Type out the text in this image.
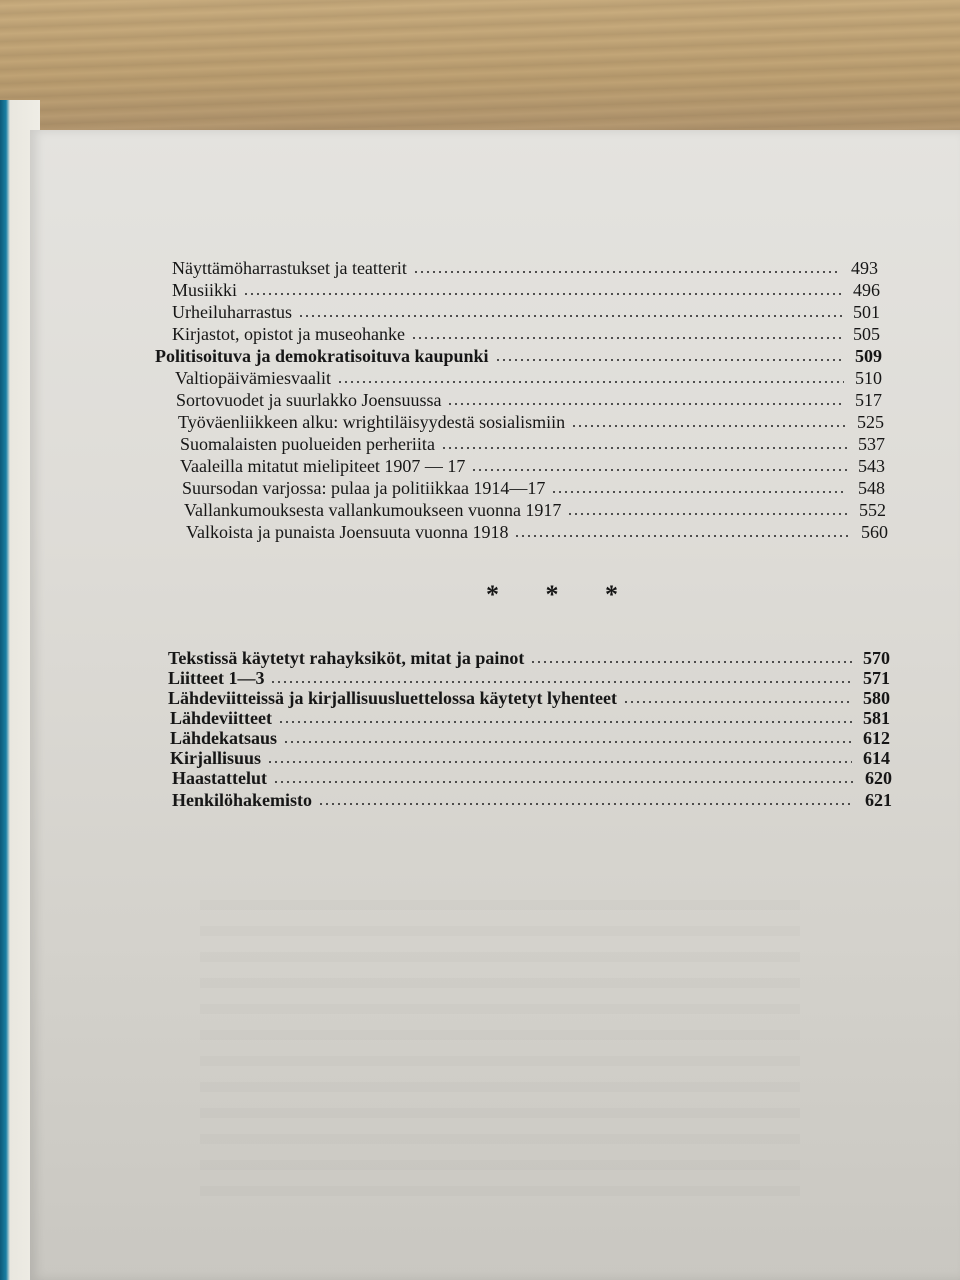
Näyttämöharrastukset ja teatterit	493
Musiikki	496
Urheiluharrastus	501
Kirjastot, opistot ja museohanke	505
Politisoituva ja demokratisoituva kaupunki	509
Valtiopäivämiesvaalit	510
Sortovuodet ja suurlakko Joensuussa	517
Työväenliikkeen alku: wrightiläisyydestä sosialismiin	525
Suomalaisten puolueiden perheriita	537
Vaaleilla mitatut mielipiteet 1907 — 17	543
Suursodan varjossa: pulaa ja politiikkaa 1914—17	548
Vallankumouksesta vallankumoukseen vuonna 1917	552
Valkoista ja punaista Joensuuta vuonna 1918	560
Tekstissä käytetyt rahayksiköt, mitat ja painot	570
Liitteet 1—3	571
Lähdeviitteissä ja kirjallisuusluettelossa käytetyt lyhenteet	580
Lähdeviitteet	581
Lähdekatsaus	612
Kirjallisuus	614
Haastattelut	620
Henkilöhakemisto	621
* * *
